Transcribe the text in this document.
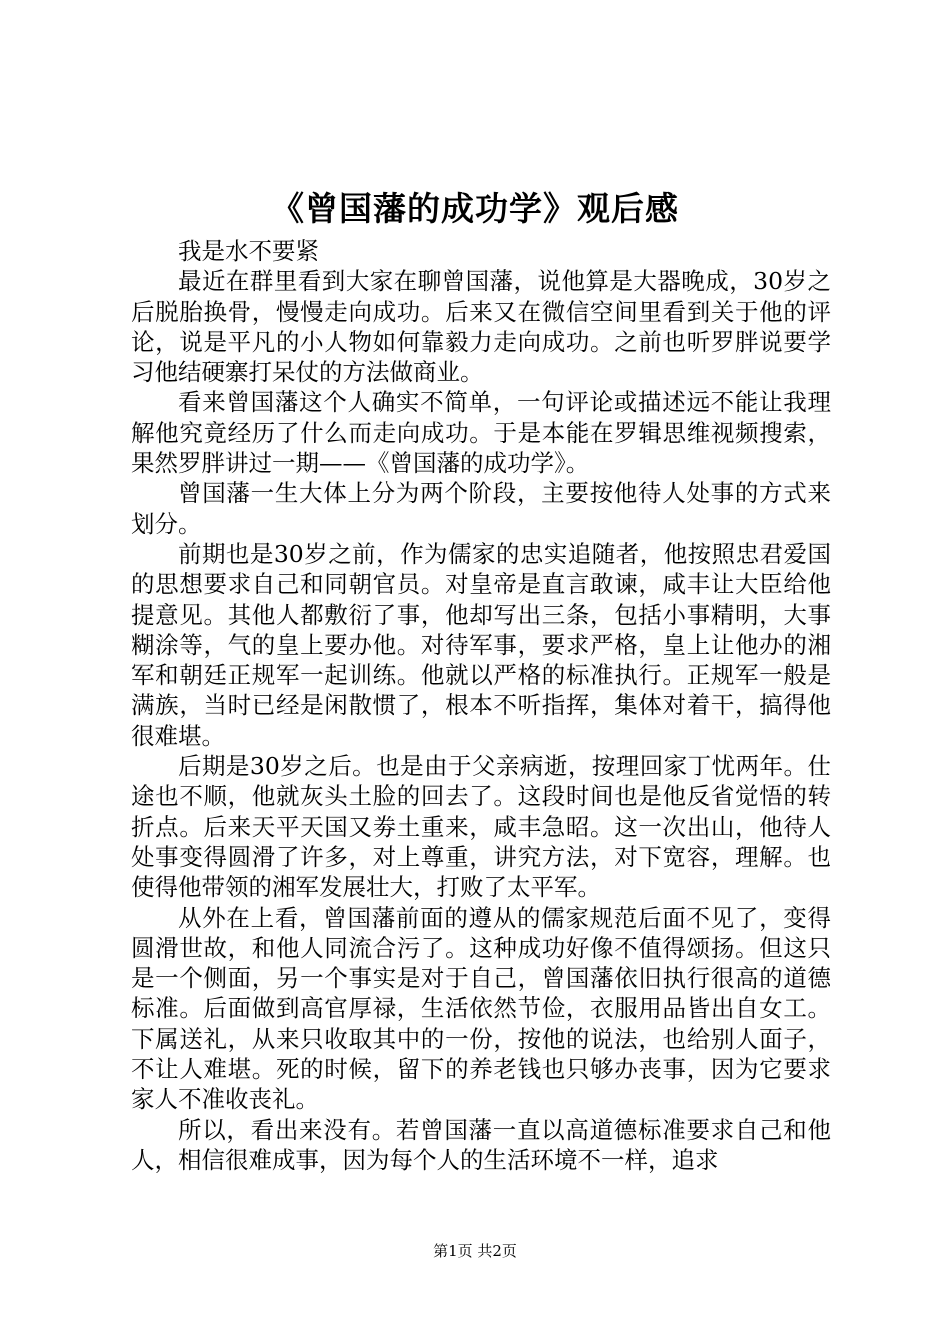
《曾国藩的成功学》观后感

我是水不要紧

最近在群里看到大家在聊曾国藩，说他算是大器晚成，30岁之后脱胎换骨，慢慢走向成功。后来又在微信空间里看到关于他的评论，说是平凡的小人物如何靠毅力走向成功。之前也听罗胖说要学习他结硬寨打呆仗的方法做商业。

看来曾国藩这个人确实不简单，一句评论或描述远不能让我理解他究竟经历了什么而走向成功。于是本能在罗辑思维视频搜索，果然罗胖讲过一期——《曾国藩的成功学》。

曾国藩一生大体上分为两个阶段，主要按他待人处事的方式来划分。

前期也是30岁之前，作为儒家的忠实追随者，他按照忠君爱国的思想要求自己和同朝官员。对皇帝是直言敢谏，咸丰让大臣给他提意见。其他人都敷衍了事，他却写出三条，包括小事精明，大事糊涂等，气的皇上要办他。对待军事，要求严格，皇上让他办的湘军和朝廷正规军一起训练。他就以严格的标准执行。正规军一般是满族，当时已经是闲散惯了，根本不听指挥，集体对着干，搞得他很难堪。

后期是30岁之后。也是由于父亲病逝，按理回家丁忧两年。仕途也不顺，他就灰头土脸的回去了。这段时间也是他反省觉悟的转折点。后来天平天国又劵土重来，咸丰急昭。这一次出山，他待人处事变得圆滑了许多，对上尊重，讲究方法，对下宽容，理解。也使得他带领的湘军发展壮大，打败了太平军。

从外在上看，曾国藩前面的遵从的儒家规范后面不见了，变得圆滑世故，和他人同流合污了。这种成功好像不值得颂扬。但这只是一个侧面，另一个事实是对于自己，曾国藩依旧执行很高的道德标准。后面做到高官厚禄，生活依然节俭，衣服用品皆出自女工。下属送礼，从来只收取其中的一份，按他的说法，也给别人面子，不让人难堪。死的时候，留下的养老钱也只够办丧事，因为它要求家人不准收丧礼。

所以，看出来没有。若曾国藩一直以高道德标准要求自己和他人，相信很难成事，因为每个人的生活环境不一样，追求

第1页 共2页
